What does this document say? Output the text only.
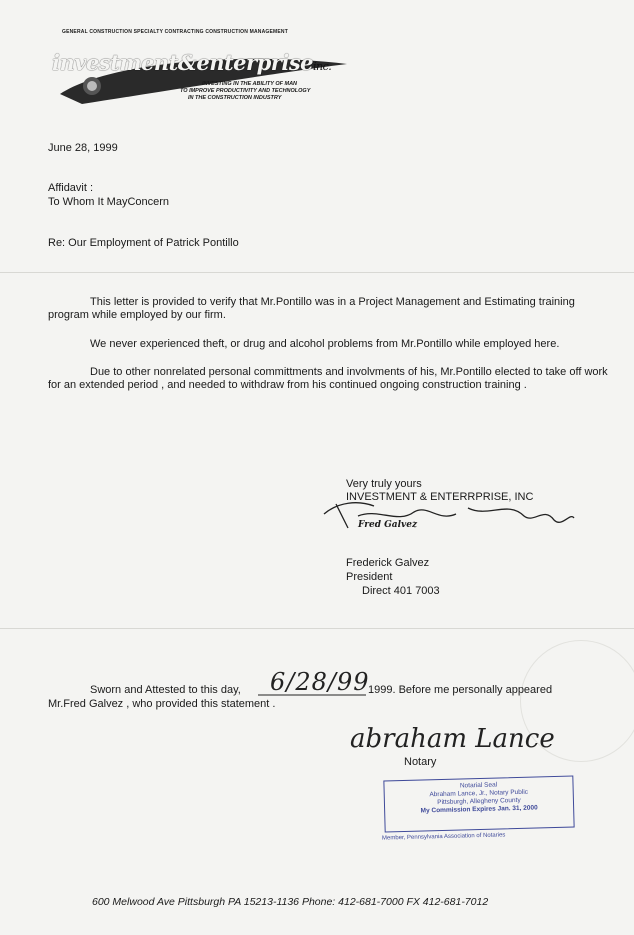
GENERAL CONSTRUCTION SPECIALTY CONTRACTING CONSTRUCTION MANAGEMENT
investment&enterpriseinc.
INVESTING IN THE ABILITY OF MAN
TO IMPROVE PRODUCTIVITY AND TECHNOLOGY
IN THE CONSTRUCTION INDUSTRY
June 28, 1999
Affidavit :
To Whom It MayConcern
Re: Our Employment of Patrick Pontillo
This letter is provided to verify that Mr.Pontillo was in a Project Management and Estimating training program while employed by our firm.
We never experienced theft, or drug and alcohol problems from Mr.Pontillo while employed here.
Due to other nonrelated personal committments and involvments of his, Mr.Pontillo elected to take off work for an extended period , and needed to withdraw from his continued ongoing construction training .
Very truly yours
INVESTMENT & ENTERRPRISE, INC
Fred Galvez
Frederick Galvez
President
Direct 401 7003
Sworn and Attested to this day, 6/28/99
1999. Before me personally appeared
Mr.Fred Galvez , who provided this statement .
abraham Lance
Notary
Notarial Seal
Abraham Lance, Jr., Notary Public
Pittsburgh, Allegheny County
My Commission Expires Jan. 31, 2000
Member, Pennsylvania Association of Notaries
600 Melwood Ave Pittsburgh PA 15213-1136 Phone: 412-681-7000 FX 412-681-7012
